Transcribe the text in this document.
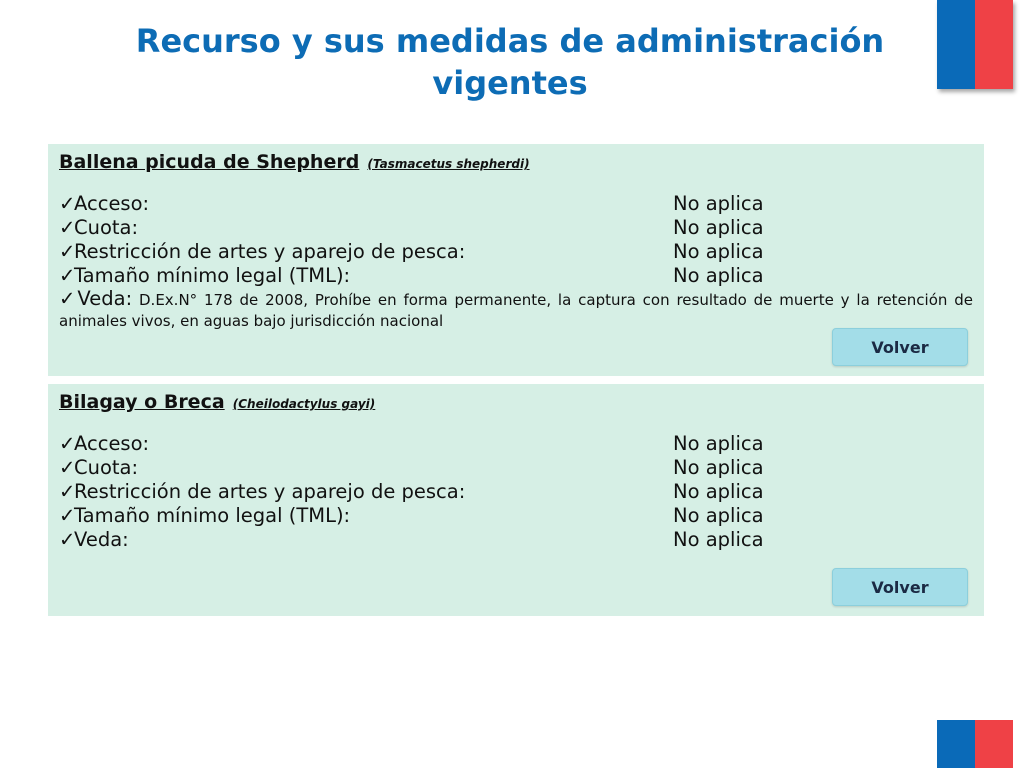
Recurso y sus medidas de administración vigentes

Ballena picuda de Shepherd (Tasmacetus shepherdi)

✓
Acceso:	No aplica
✓
Cuota:	No aplica
✓
Restricción de artes y aparejo de pesca:	No aplica
✓
Tamaño mínimo legal (TML):	No aplica

✓Veda: D.Ex.N° 178 de 2008, Prohíbe en forma permanente, la captura con resultado de muerte y la retención de animales vivos, en aguas bajo jurisdicción nacional

Volver

Bilagay o Breca (Cheilodactylus gayi)

✓
Acceso:	No aplica
✓
Cuota:	No aplica
✓
Restricción de artes y aparejo de pesca:	No aplica
✓
Tamaño mínimo legal (TML):	No aplica
✓
Veda:	No aplica
Volver
